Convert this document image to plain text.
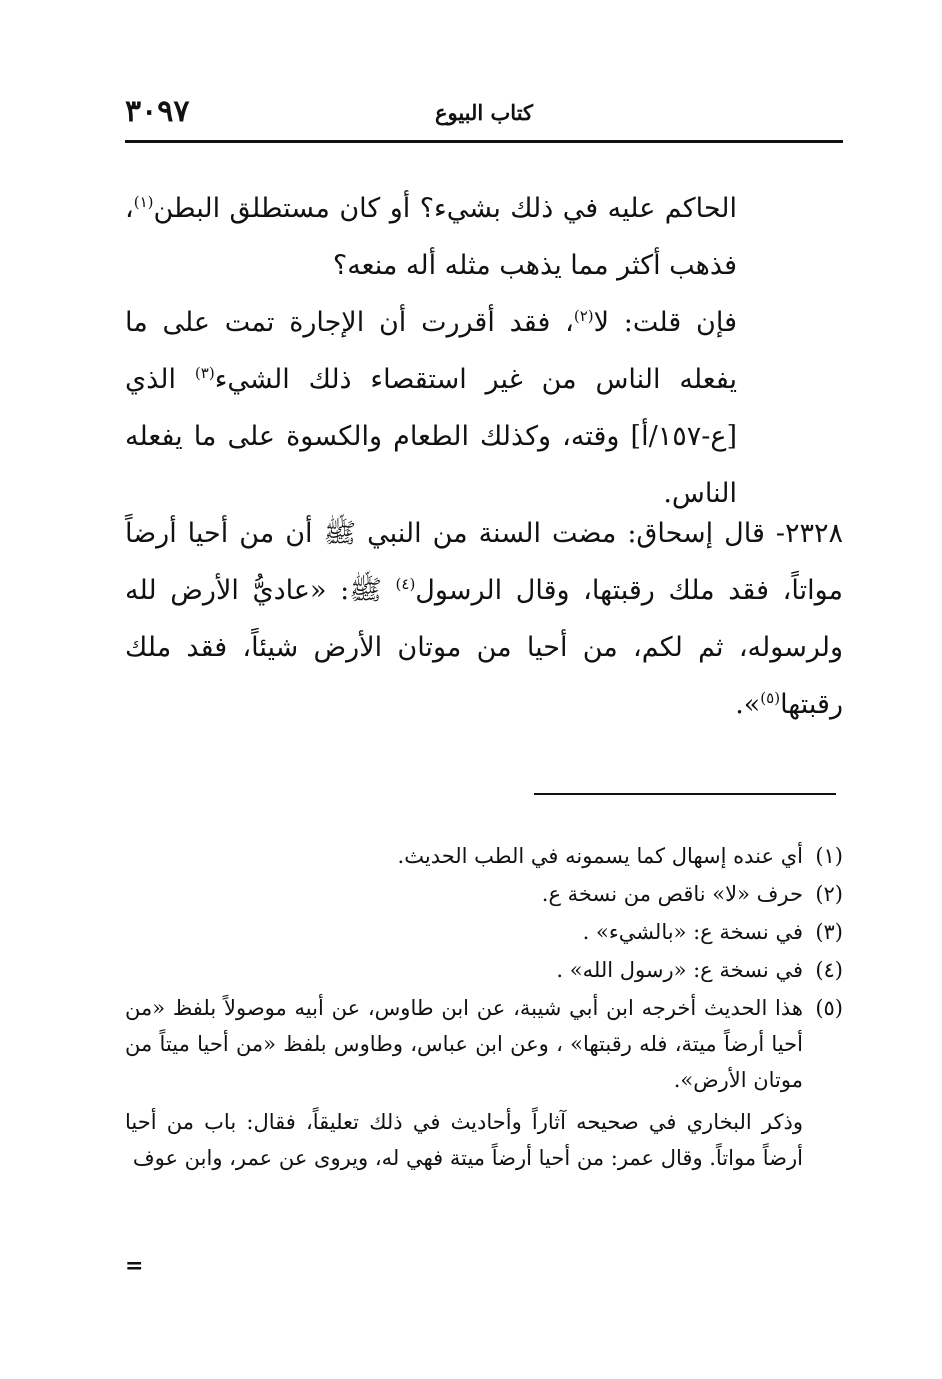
٣٠٩٧	كتاب البيوع
الحاكم عليه في ذلك بشيء؟ أو كان مستطلق البطن$^{(١)}$، فذهب أكثر مما يذهب مثله أله منعه؟
فإن قلت: لا$^{(٢)}$، فقد أقررت أن الإجارة تمت على ما يفعله الناس من غير استقصاء ذلك الشيء$^{(٣)}$ الذي [ع-١٥٧/أ] وقته، وكذلك الطعام والكسوة على ما يفعله الناس.
٢٣٢٨- قال إسحاق: مضت السنة من النبي ﷺ أن من أحيا أرضاً مواتاً، فقد ملك رقبتها، وقال الرسول$^{(٤)}$ ﷺ: «عاديُّ الأرض لله ولرسوله، ثم لكم، من أحيا من موتان الأرض شيئاً، فقد ملك رقبتها$^{(٥)}$».
(١)
أي عنده إسهال كما يسمونه في الطب الحديث.
(٢)
حرف «لا» ناقص من نسخة ع.
(٣)
في نسخة ع: «بالشيء» .
(٤)
في نسخة ع: «رسول الله» .
(٥)
هذا الحديث أخرجه ابن أبي شيبة، عن ابن طاوس، عن أبيه موصولاً بلفظ «من أحيا أرضاً ميتة، فله رقبتها» ، وعن ابن عباس، وطاوس بلفظ «من أحيا ميتاً من موتان الأرض».
وذكر البخاري في صحيحه آثاراً وأحاديث في ذلك تعليقاً، فقال: باب من أحيا أرضاً مواتاً. وقال عمر: من أحيا أرضاً ميتة فهي له، ويروى عن عمر، وابن عوف
=
